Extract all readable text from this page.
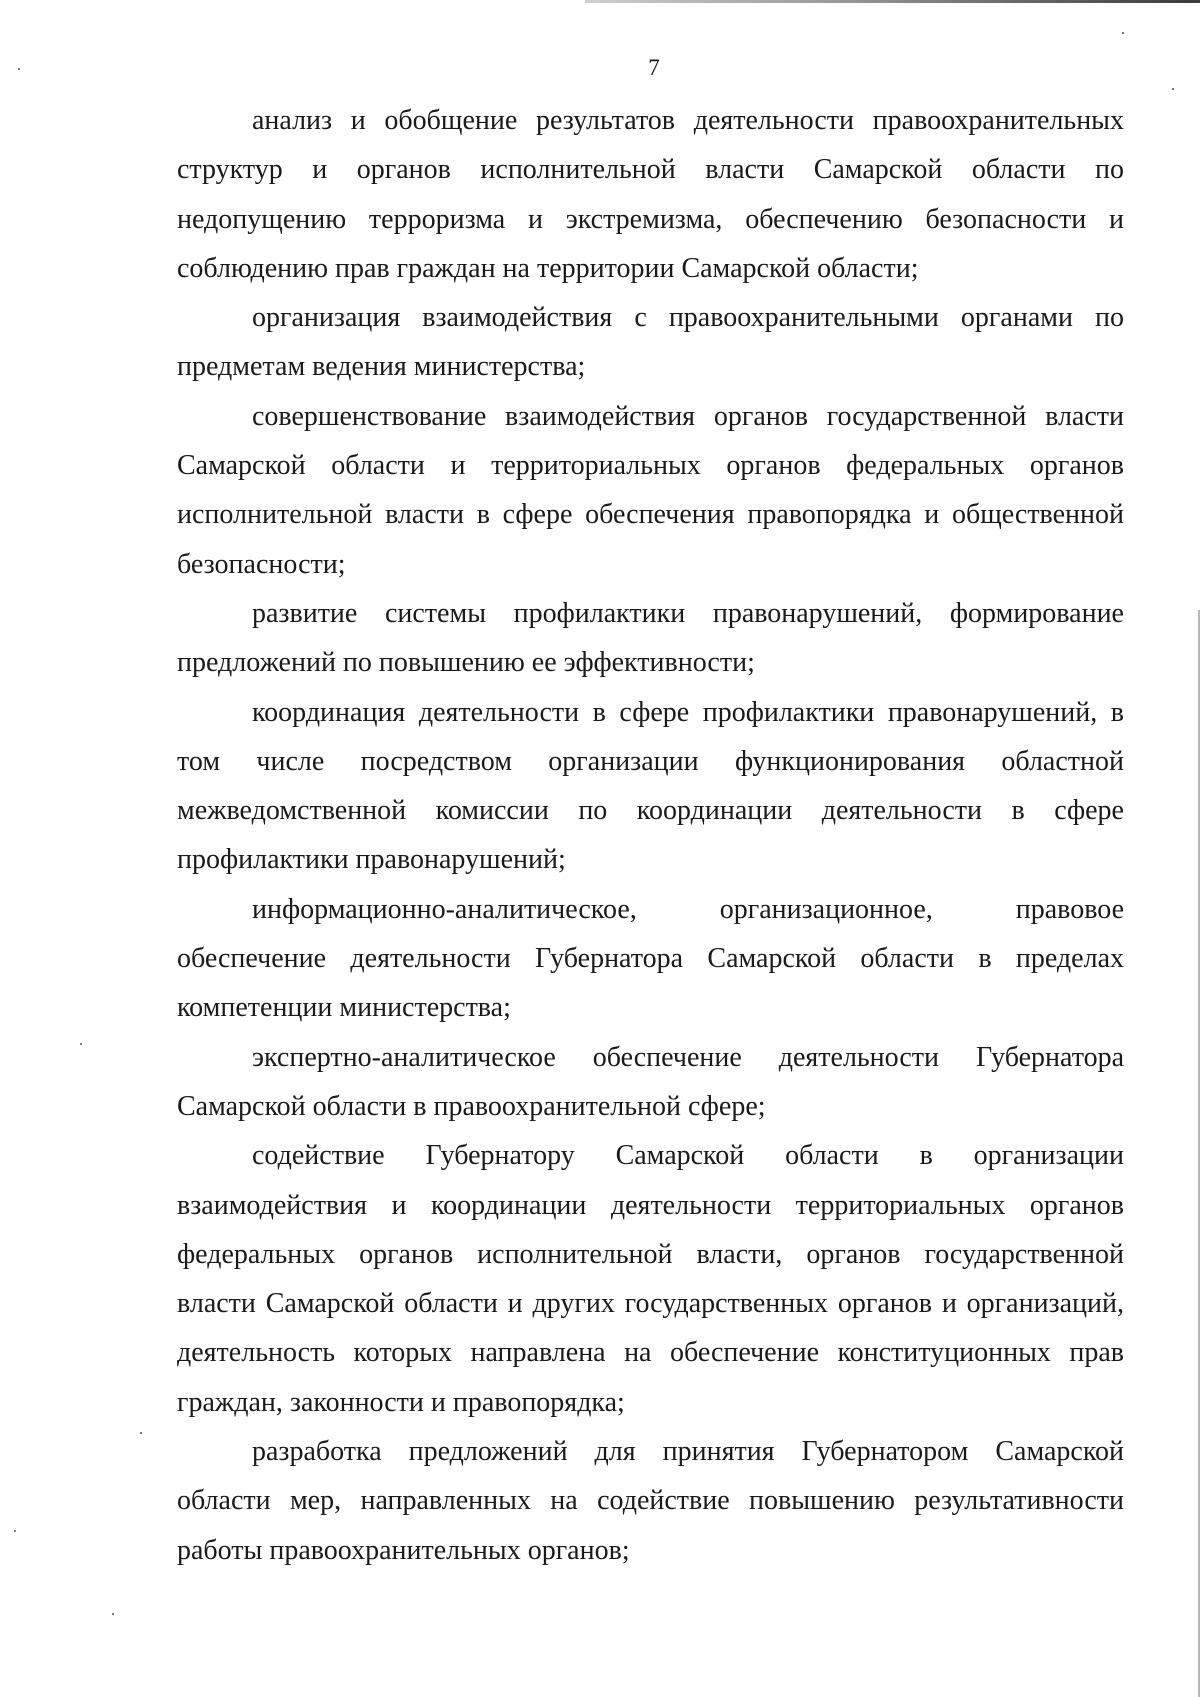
7

анализ и обобщение результатов деятельности правоохранительных структур и органов исполнительной власти Самарской области по недопущению терроризма и экстремизма, обеспечению безопасности и соблюдению прав граждан на территории Самарской области;

организация взаимодействия с правоохранительными органами по предметам ведения министерства;

совершенствование взаимодействия органов государственной власти Самарской области и территориальных органов федеральных органов исполнительной власти в сфере обеспечения правопорядка и общественной безопасности;

развитие системы профилактики правонарушений, формирование предложений по повышению ее эффективности;

координация деятельности в сфере профилактики правонарушений, в том числе посредством организации функционирования областной межведомственной комиссии по координации деятельности в сфере профилактики правонарушений;

информационно-аналитическое, организационное, правовое обеспечение деятельности Губернатора Самарской области в пределах компетенции министерства;

экспертно-аналитическое обеспечение деятельности Губернатора Самарской области в правоохранительной сфере;

содействие Губернатору Самарской области в организации взаимодействия и координации деятельности территориальных органов федеральных органов исполнительной власти, органов государственной власти Самарской области и других государственных органов и организаций, деятельность которых направлена на обеспечение конституционных прав граждан, законности и правопорядка;

разработка предложений для принятия Губернатором Самарской области мер, направленных на содействие повышению результативности работы правоохранительных органов;
